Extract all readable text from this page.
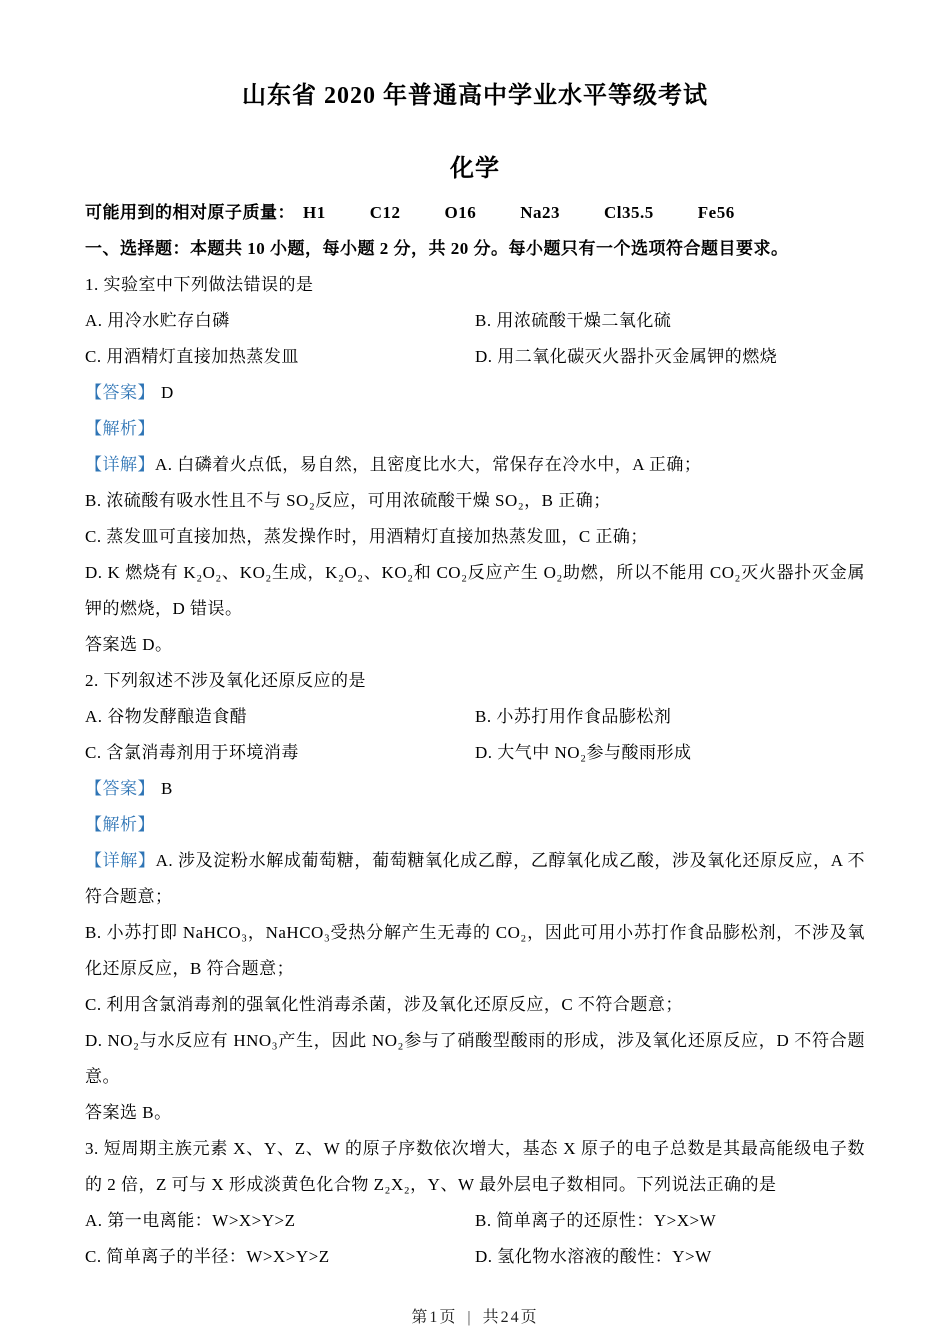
山东省 2020 年普通高中学业水平等级考试

化学

可能用到的相对原子质量： H1	C12	O16	Na23	Cl35.5	Fe56

一、选择题：本题共 10 小题，每小题 2 分，共 20 分。每小题只有一个选项符合题目要求。

1. 实验室中下列做法错误的是

A. 用冷水贮存白磷	B. 用浓硫酸干燥二氧化硫
C. 用酒精灯直接加热蒸发皿	D. 用二氧化碳灭火器扑灭金属钾的燃烧

【答案】 D

【解析】

【详解】A. 白磷着火点低，易自然，且密度比水大，常保存在冷水中，A 正确；

B. 浓硫酸有吸水性且不与 SO₂反应，可用浓硫酸干燥 SO₂，B 正确；

C. 蒸发皿可直接加热，蒸发操作时，用酒精灯直接加热蒸发皿，C 正确；

D. K 燃烧有 K₂O₂、KO₂生成，K₂O₂、KO₂和 CO₂反应产生 O₂助燃，所以不能用 CO₂灭火器扑灭金属钾的燃烧，D 错误。

答案选 D。

2. 下列叙述不涉及氧化还原反应的是

A. 谷物发酵酿造食醋	B. 小苏打用作食品膨松剂
C. 含氯消毒剂用于环境消毒	D. 大气中 NO₂参与酸雨形成

【答案】 B

【解析】

【详解】A. 涉及淀粉水解成葡萄糖，葡萄糖氧化成乙醇，乙醇氧化成乙酸，涉及氧化还原反应，A 不符合题意；

B. 小苏打即 NaHCO₃，NaHCO₃受热分解产生无毒的 CO₂，因此可用小苏打作食品膨松剂，不涉及氧化还原反应，B 符合题意；

C. 利用含氯消毒剂的强氧化性消毒杀菌，涉及氧化还原反应，C 不符合题意；

D. NO₂与水反应有 HNO₃产生，因此 NO₂参与了硝酸型酸雨的形成，涉及氧化还原反应，D 不符合题意。

答案选 B。

3. 短周期主族元素 X、Y、Z、W 的原子序数依次增大，基态 X 原子的电子总数是其最高能级电子数的 2 倍，Z 可与 X 形成淡黄色化合物 Z₂X₂，Y、W 最外层电子数相同。下列说法正确的是

A. 第一电离能：W>X>Y>Z	B. 简单离子的还原性：Y>X>W
C. 简单离子的半径：W>X>Y>Z	D. 氢化物水溶液的酸性：Y>W
第1页 | 共24页
